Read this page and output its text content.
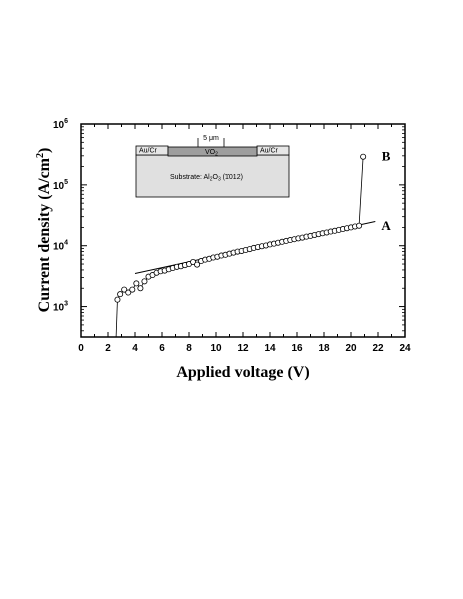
0 2 4 6 8 10 12 14 16 18 20 22 24
$10^3$
$10^4$
$10^5$
$10^6$
Applied voltage (V)
Current density $(A/cm^2)$
A
B
5 μm
Au/Cr	Au/Cr
$VO_2$
Substrate: $Al_2O_3$ (1012)
